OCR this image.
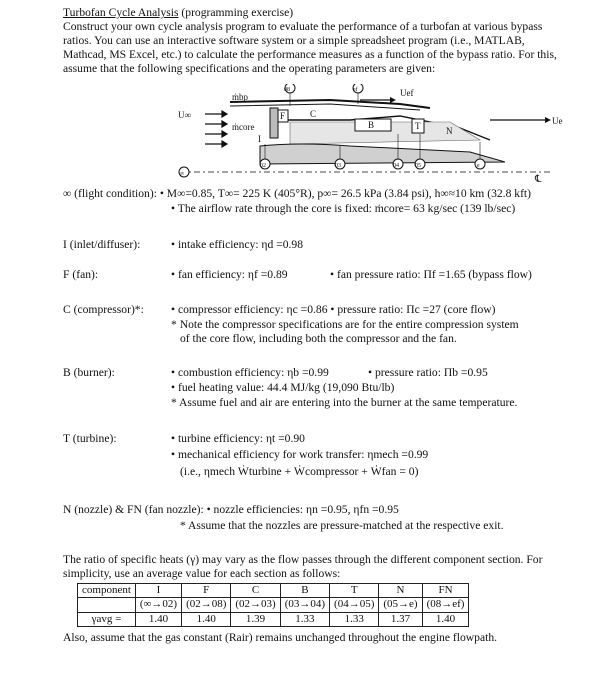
Turbofan Cycle Analysis (programming exercise)
Construct your own cycle analysis program to evaluate the performance of a turbofan at various bypass ratios. You can use an interactive software system or a simple spreadsheet program (i.e., MATLAB, Mathcad, MS Excel, etc.) to calculate the performance measures as a function of the bypass ratio. For this, assume that the following specifications and the operating parameters are given:
U∞
ṁbp
ṁcore
Uef
Ue
F	C
B	T	N
I
08	ef
∞
02	03	04	05	e
℄
∞ (flight condition): • M∞=0.85, T∞= 225 K (405°R), p∞= 26.5 kPa (3.84 psi), h∞≈10 km (32.8 kft)
• The airflow rate through the core is fixed: ṁcore= 63 kg/sec (139 lb/sec)
I (inlet/diffuser):	• intake efficiency: ηd =0.98
F (fan):	• fan efficiency: ηf =0.89	• fan pressure ratio: Πf =1.65 (bypass flow)
C (compressor)*: • compressor efficiency: ηc =0.86 • pressure ratio: Πc =27 (core flow)
* Note the compressor specifications are for the entire compression system
of the core flow, including both the compressor and the fan.
B (burner):	• combustion efficiency: ηb =0.99	• pressure ratio: Πb =0.95
• fuel heating value: 44.4 MJ/kg (19,090 Btu/lb)
* Assume fuel and air are entering into the burner at the same temperature.
T (turbine):	• turbine efficiency: ηt =0.90
• mechanical efficiency for work transfer: ηmech =0.99
(i.e., ηmech Ẇturbine + Ẇcompressor + Ẇfan = 0)
N (nozzle) & FN (fan nozzle): • nozzle efficiencies: ηn =0.95, ηfn =0.95
* Assume that the nozzles are pressure-matched at the respective exit.
The ratio of specific heats (γ) may vary as the flow passes through the different component section. For simplicity, use an average value for each section as follows:
component	I	F	C	B	T	N	FN
	(∞→02)	(02→08)	(02→03)	(03→04)	(04→05)	(05→e)	(08→ef)
γavg =	1.40	1.40	1.39	1.33	1.33	1.37	1.40
Also, assume that the gas constant (Rair) remains unchanged throughout the engine flowpath.
